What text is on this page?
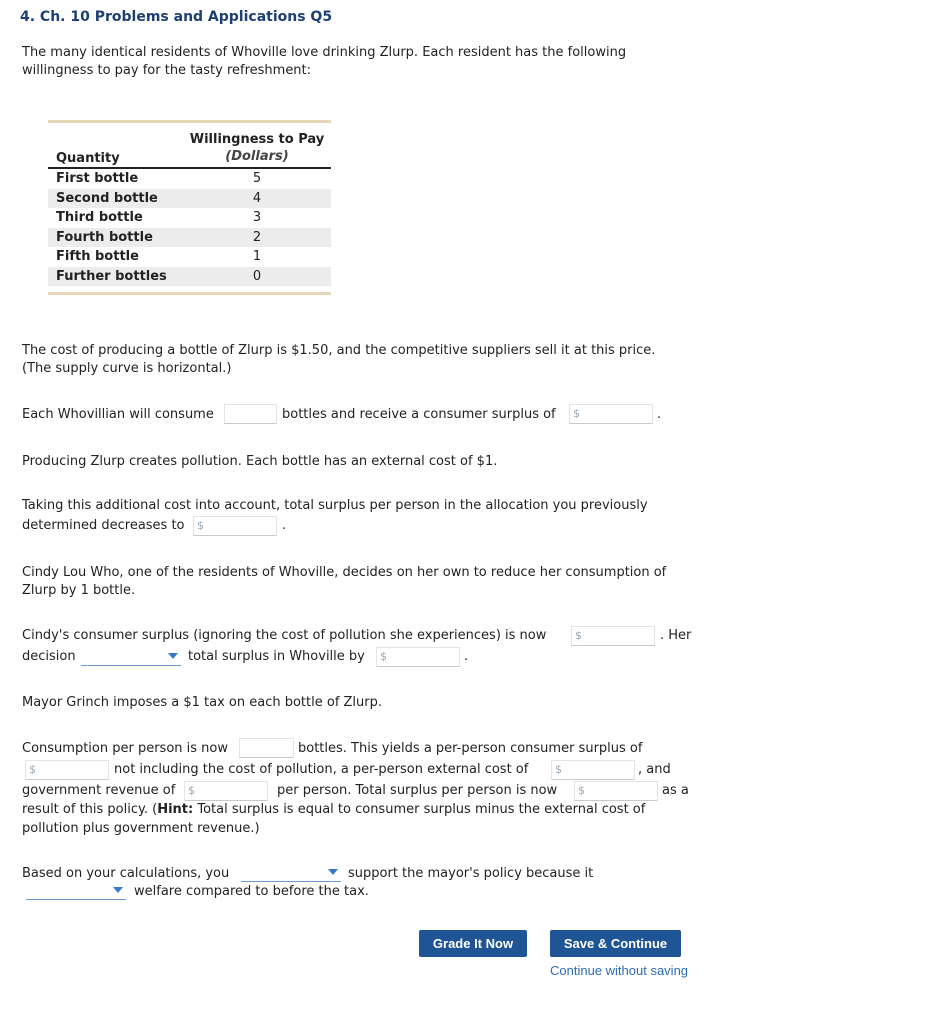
4. Ch. 10 Problems and Applications Q5
The many identical residents of Whoville love drinking Zlurp. Each resident has the following
willingness to pay for the tasty refreshment:
Quantity
Willingness to Pay
(Dollars)
First bottle	5
Second bottle	4
Third bottle	3
Fourth bottle	2
Fifth bottle	1
Further bottles	0
The cost of producing a bottle of Zlurp is $1.50, and the competitive suppliers sell it at this price.
(The supply curve is horizontal.)
Each Whovillian will consume	bottles and receive a consumer surplus of $	.
Producing Zlurp creates pollution. Each bottle has an external cost of $1.
Taking this additional cost into account, total surplus per person in the allocation you previously
determined decreases to $	.
Cindy Lou Who, one of the residents of Whoville, decides on her own to reduce her consumption of
Zlurp by 1 bottle.
Cindy's consumer surplus (ignoring the cost of pollution she experiences) is now	$	. Her
decision	total surplus in Whoville by $	.
Mayor Grinch imposes a $1 tax on each bottle of Zlurp.
Consumption per person is now	bottles. This yields a per-person consumer surplus of
$	not including the cost of pollution, a per-person external cost of $	, and
government revenue of $	per person. Total surplus per person is now $	as a
result of this policy. (Hint: Total surplus is equal to consumer surplus minus the external cost of
pollution plus government revenue.)
Based on your calculations, you	support the mayor's policy because it
welfare compared to before the tax.
Grade It Now	Save & Continue
Continue without saving
